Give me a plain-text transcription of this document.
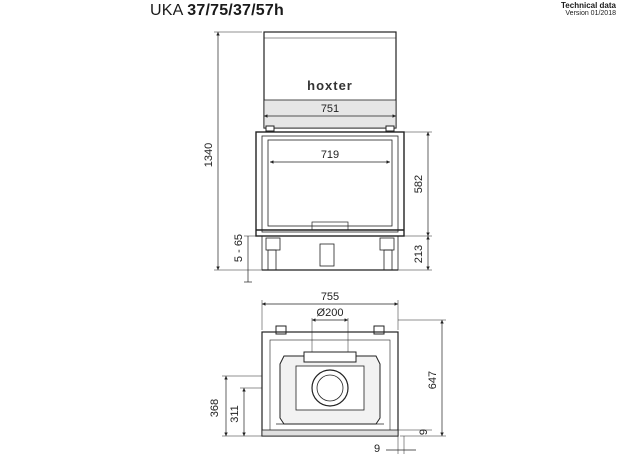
UKA 37/75/37/57h	Technical data
Version 01/2018
hoxter
751
719
1340
5 - 65
582
213
755
Ø200
368 311
647
9
9
